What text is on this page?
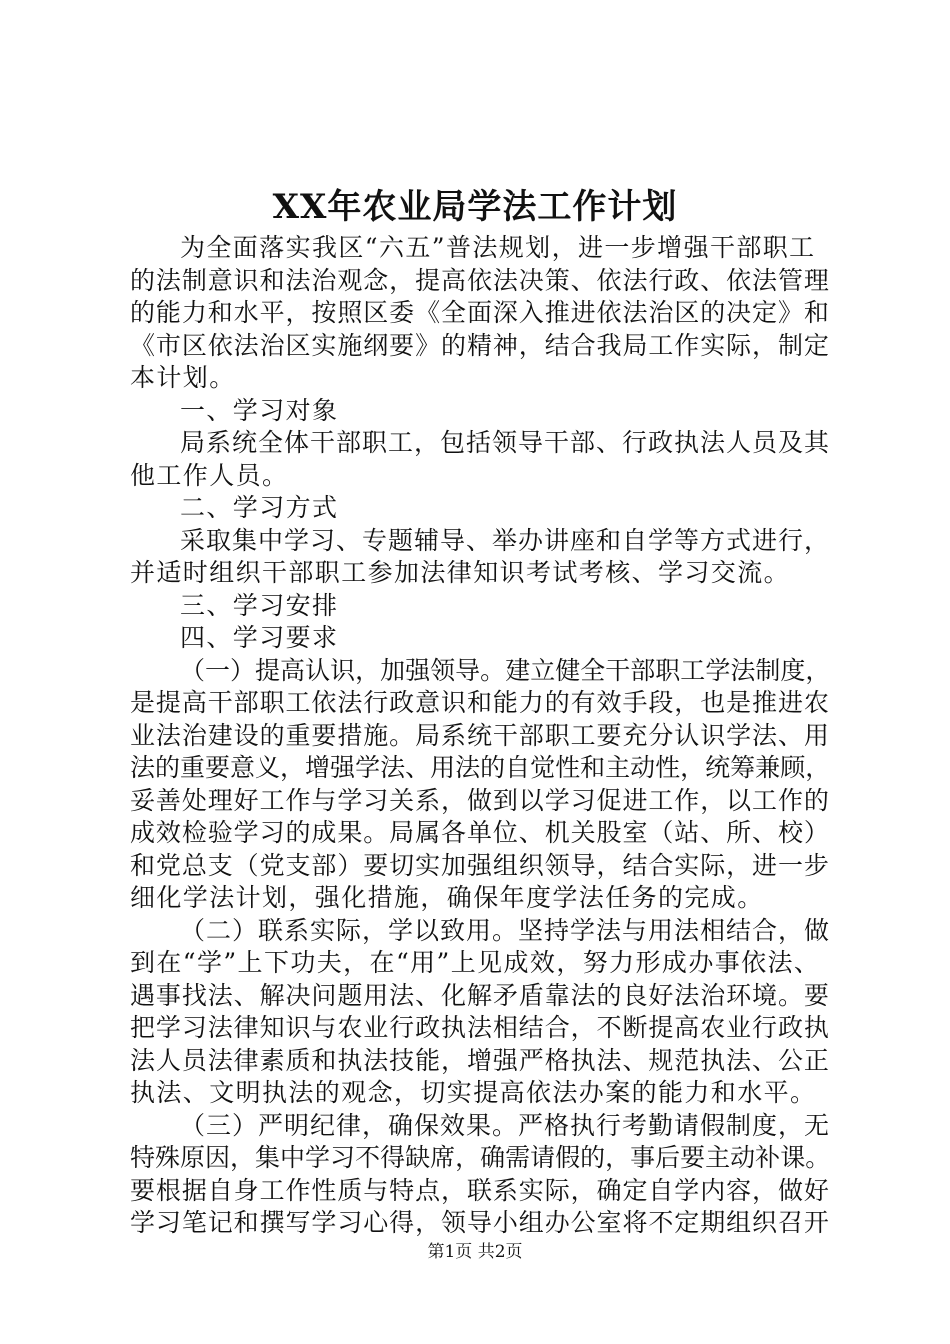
XX年农业局学法工作计划
为全面落实我区“六五”普法规划，进一步增强干部职工
的法制意识和法治观念，提高依法决策、依法行政、依法管理
的能力和水平，按照区委《全面深入推进依法治区的决定》和
《市区依法治区实施纲要》的精神，结合我局工作实际，制定
本计划。
一、学习对象
局系统全体干部职工，包括领导干部、行政执法人员及其
他工作人员。
二、学习方式
采取集中学习、专题辅导、举办讲座和自学等方式进行，
并适时组织干部职工参加法律知识考试考核、学习交流。
三、学习安排
四、学习要求
（一）提高认识，加强领导。建立健全干部职工学法制度，
是提高干部职工依法行政意识和能力的有效手段，也是推进农
业法治建设的重要措施。局系统干部职工要充分认识学法、用
法的重要意义，增强学法、用法的自觉性和主动性，统筹兼顾，
妥善处理好工作与学习关系，做到以学习促进工作，以工作的
成效检验学习的成果。局属各单位、机关股室（站、所、校）
和党总支（党支部）要切实加强组织领导，结合实际，进一步
细化学法计划，强化措施，确保年度学法任务的完成。
（二）联系实际，学以致用。坚持学法与用法相结合，做
到在“学”上下功夫，在“用”上见成效，努力形成办事依法、
遇事找法、解决问题用法、化解矛盾靠法的良好法治环境。要
把学习法律知识与农业行政执法相结合，不断提高农业行政执
法人员法律素质和执法技能，增强严格执法、规范执法、公正
执法、文明执法的观念，切实提高依法办案的能力和水平。
（三）严明纪律，确保效果。严格执行考勤请假制度，无
特殊原因，集中学习不得缺席，确需请假的，事后要主动补课。
要根据自身工作性质与特点，联系实际，确定自学内容，做好
学习笔记和撰写学习心得，领导小组办公室将不定期组织召开
第1页 共2页
